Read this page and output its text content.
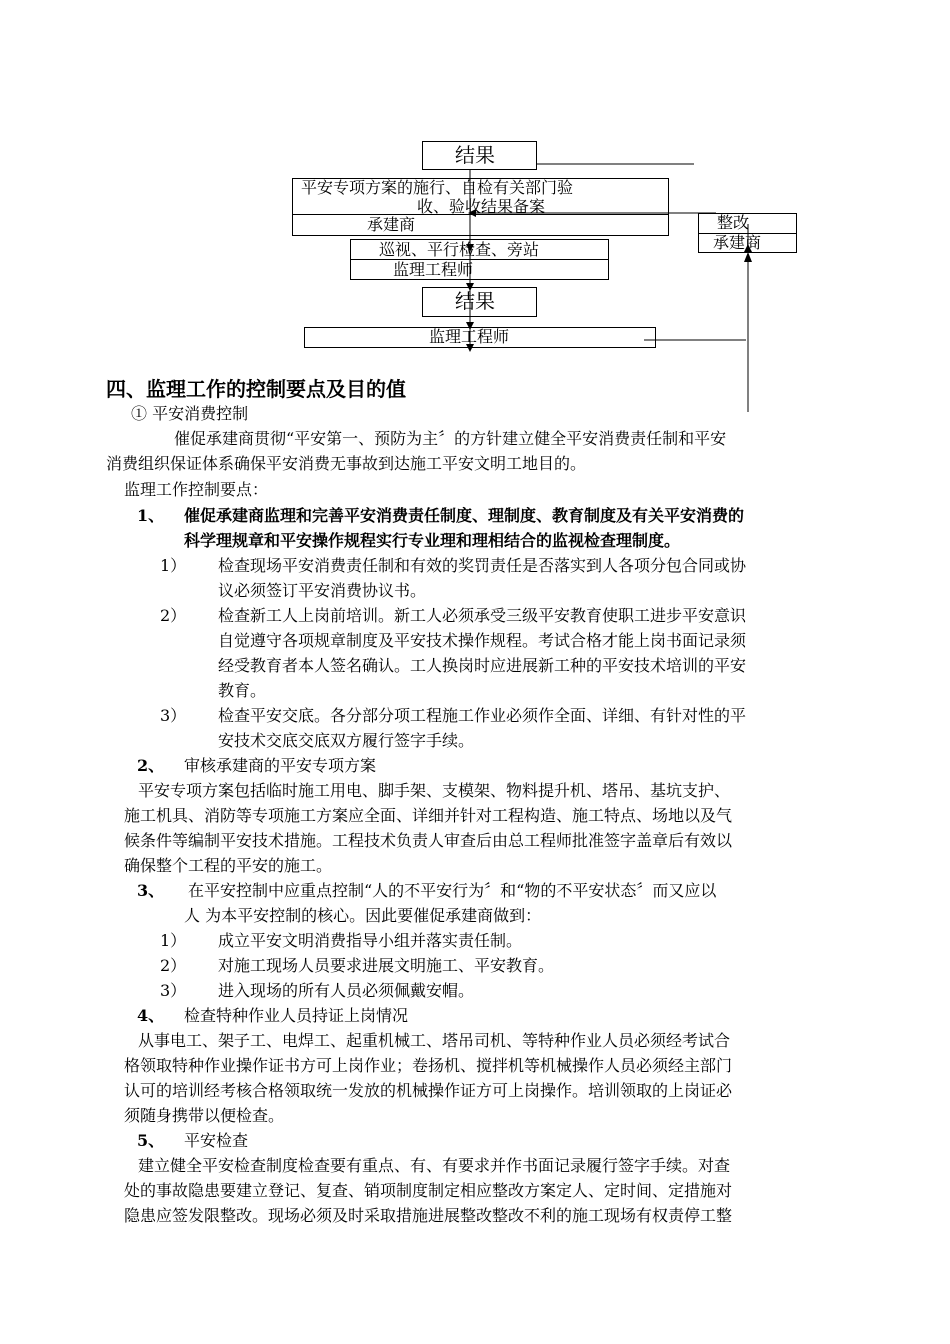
结果
平安专项方案的施行、自检有关部门验
收、验收结果备案
承建商	整改
承建商
巡视、平行检查、旁站
监理工程师
结果
监理工程师
四、监理工作的控制要点及目的值
① 平安消费控制
催促承建商贯彻“平安第一、预防为主〞的方针建立健全平安消费责任制和平安
消费组织保证体系确保平安消费无事故到达施工平安文明工地目的。
监理工作控制要点：
1、 催促承建商监理和完善平安消费责任制度、理制度、教育制度及有关平安消费的
科学理规章和平安操作规程实行专业理和理相结合的监视检查理制度。
1） 检查现场平安消费责任制和有效的奖罚责任是否落实到人各项分包合同或协
议必须签订平安消费协议书。
2） 检查新工人上岗前培训。新工人必须承受三级平安教育使职工进步平安意识
自觉遵守各项规章制度及平安技术操作规程。考试合格才能上岗书面记录须
经受教育者本人签名确认。工人换岗时应进展新工种的平安技术培训的平安
教育。
3） 检查平安交底。各分部分项工程施工作业必须作全面、详细、有针对性的平
安技术交底交底双方履行签字手续。
2、 审核承建商的平安专项方案
平安专项方案包括临时施工用电、脚手架、支模架、物料提升机、塔吊、基坑支护、
施工机具、消防等专项施工方案应全面、详细并针对工程构造、施工特点、场地以及气
候条件等编制平安技术措施。工程技术负责人审查后由总工程师批准签字盖章后有效以
确保整个工程的平安的施工。
3、 在平安控制中应重点控制“人的不平安行为〞和“物的不平安状态〞而又应以
人 为本平安控制的核心。因此要催促承建商做到：
1） 成立平安文明消费指导小组并落实责任制。
2） 对施工现场人员要求进展文明施工、平安教育。
3） 进入现场的所有人员必须佩戴安帽。
4、 检查特种作业人员持证上岗情况
从事电工、架子工、电焊工、起重机械工、塔吊司机、等特种作业人员必须经考试合
格领取特种作业操作证书方可上岗作业；卷扬机、搅拌机等机械操作人员必须经主部门
认可的培训经考核合格领取统一发放的机械操作证方可上岗操作。培训领取的上岗证必
须随身携带以便检查。
5、 平安检查
建立健全平安检查制度检查要有重点、有、有要求并作书面记录履行签字手续。对查
处的事故隐患要建立登记、复查、销项制度制定相应整改方案定人、定时间、定措施对
隐患应签发限整改。现场必须及时采取措施进展整改整改不利的施工现场有权责停工整
